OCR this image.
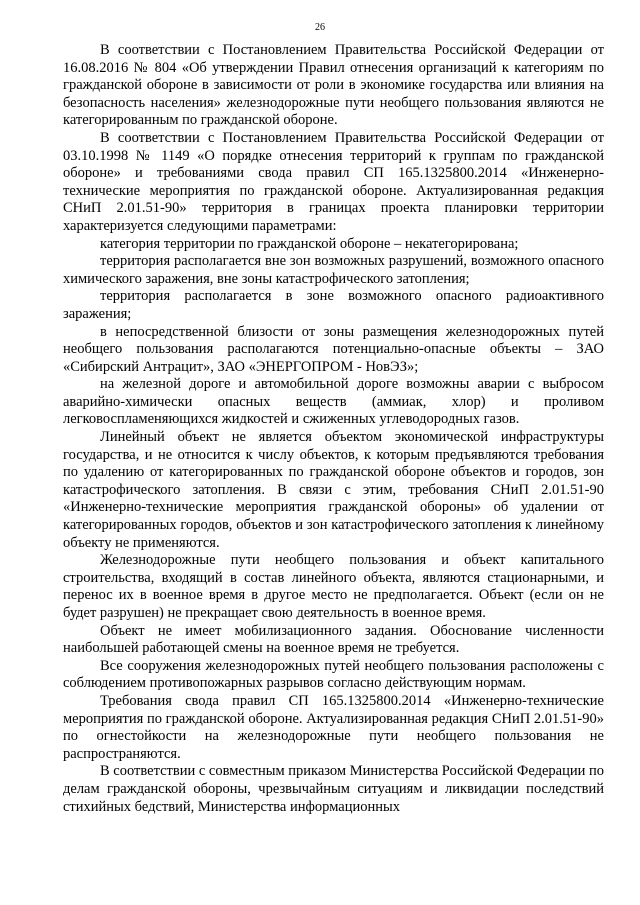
26

В соответствии с Постановлением Правительства Российской Федерации от 16.08.2016 № 804 «Об утверждении Правил отнесения организаций к категориям по гражданской обороне в зависимости от роли в экономике государства или влияния на безопасность населения» железнодорожные пути необщего пользования являются не категорированным по гражданской обороне.

В соответствии с Постановлением Правительства Российской Федерации от 03.10.1998 № 1149 «О порядке отнесения территорий к группам по гражданской обороне» и требованиями свода правил СП 165.1325800.2014 «Инженерно-технические мероприятия по гражданской обороне. Актуализированная редакция СНиП 2.01.51-90» территория в границах проекта планировки территории характеризуется следующими параметрами:

категория территории по гражданской обороне – некатегорирована;

территория располагается вне зон возможных разрушений, возможного опасного химического заражения, вне зоны катастрофического затопления;

территория располагается в зоне возможного опасного радиоактивного заражения;

в непосредственной близости от зоны размещения железнодорожных путей необщего пользования располагаются потенциально-опасные объекты – ЗАО «Сибирский Антрацит», ЗАО «ЭНЕРГОПРОМ - НовЭЗ»;

на железной дороге и автомобильной дороге возможны аварии с выбросом аварийно-химически опасных веществ (аммиак, хлор) и проливом легковоспламеняющихся жидкостей и сжиженных углеводородных газов.

Линейный объект не является объектом экономической инфраструктуры государства, и не относится к числу объектов, к которым предъявляются требования по удалению от категорированных по гражданской обороне объектов и городов, зон катастрофического затопления. В связи с этим, требования СНиП 2.01.51-90 «Инженерно-технические мероприятия гражданской обороны» об удалении от категорированных городов, объектов и зон катастрофического затопления к линейному объекту не применяются.

Железнодорожные пути необщего пользования и объект капитального строительства, входящий в состав линейного объекта, являются стационарными, и перенос их в военное время в другое место не предполагается. Объект (если он не будет разрушен) не прекращает свою деятельность в военное время.

Объект не имеет мобилизационного задания. Обоснование численности наибольшей работающей смены на военное время не требуется.

Все сооружения железнодорожных путей необщего пользования расположены с соблюдением противопожарных разрывов согласно действующим нормам.

Требования свода правил СП 165.1325800.2014 «Инженерно-технические мероприятия по гражданской обороне. Актуализированная редакция СНиП 2.01.51-90» по огнестойкости на железнодорожные пути необщего пользования не распространяются.

В соответствии с совместным приказом Министерства Российской Федерации по делам гражданской обороны, чрезвычайным ситуациям и ликвидации последствий стихийных бедствий, Министерства информационных
